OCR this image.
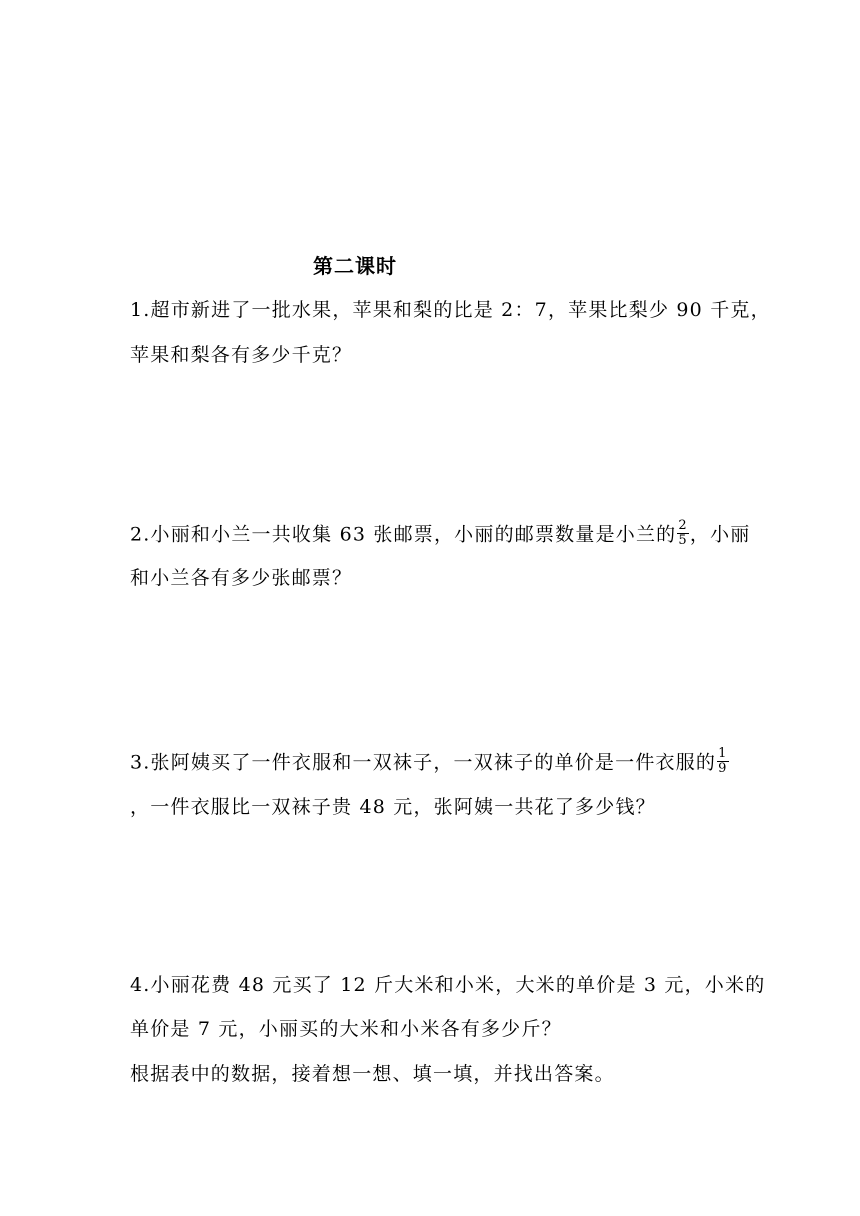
第二课时
1.超市新进了一批水果，苹果和梨的比是 2：7，苹果比梨少 90 千克，
苹果和梨各有多少千克？
2.小丽和小兰一共收集 63 张邮票，小丽的邮票数量是小兰的 $\frac{2}{5}$ ，小丽
和小兰各有多少张邮票？
3.张阿姨买了一件衣服和一双袜子，一双袜子的单价是一件衣服的 $\frac{1}{9}$
，一件衣服比一双袜子贵 48 元，张阿姨一共花了多少钱？
4.小丽花费 48 元买了 12 斤大米和小米，大米的单价是 3 元，小米的
单价是 7 元，小丽买的大米和小米各有多少斤？
根据表中的数据，接着想一想、填一填，并找出答案。
